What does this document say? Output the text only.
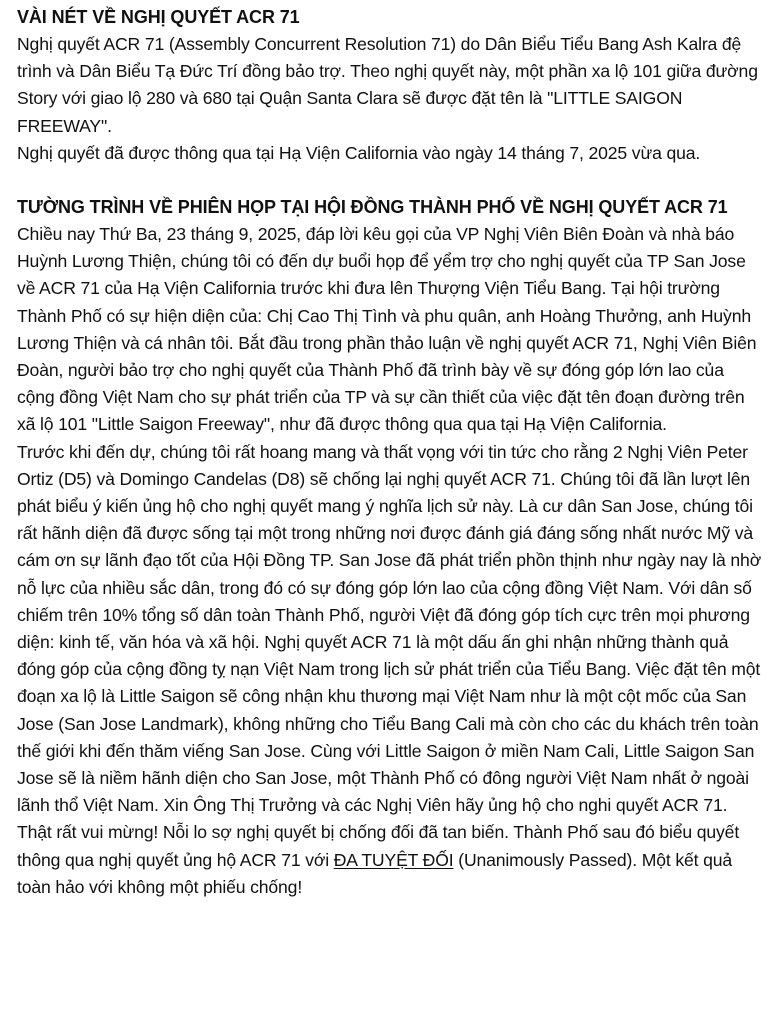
VÀI NÉT VỀ NGHỊ QUYẾT ACR 71

Nghị quyết ACR 71 (Assembly Concurrent Resolution 71) do Dân Biểu Tiểu Bang Ash Kalra đệ trình và Dân Biểu Tạ Đức Trí đồng bảo trợ. Theo nghị quyết này, một phần xa lộ 101 giữa đường Story với giao lộ 280 và 680 tại Quận Santa Clara sẽ được đặt tên là "LITTLE SAIGON FREEWAY".

Nghị quyết đã được thông qua tại Hạ Viện California vào ngày 14 tháng 7, 2025 vừa qua.

TƯỜNG TRÌNH VỀ PHIÊN HỌP TẠI HỘI ĐỒNG THÀNH PHỐ VỀ NGHỊ QUYẾT ACR 71

Chiều nay Thứ Ba, 23 tháng 9, 2025, đáp lời kêu gọi của VP Nghị Viên Biên Đoàn và nhà báo Huỳnh Lương Thiện, chúng tôi có đến dự buổi họp để yểm trợ cho nghị quyết của TP San Jose về ACR 71 của Hạ Viện California trước khi đưa lên Thượng Viện Tiểu Bang. Tại hội trường Thành Phố có sự hiện diện của: Chị Cao Thị Tình và phu quân, anh Hoàng Thưởng, anh Huỳnh Lương Thiện và cá nhân tôi. Bắt đầu trong phần thảo luận về nghị quyết ACR 71, Nghị Viên Biên Đoàn, người bảo trợ cho nghị quyết của Thành Phố đã trình bày về sự đóng góp lớn lao của cộng đồng Việt Nam cho sự phát triển của TP và sự cần thiết của việc đặt tên đoạn đường trên xã lộ 101 "Little Saigon Freeway", như đã được thông qua qua tại Hạ Viện California.

Trước khi đến dự, chúng tôi rất hoang mang và thất vọng với tin tức cho rằng 2 Nghị Viên Peter Ortiz (D5) và Domingo Candelas (D8) sẽ chống lại nghị quyết ACR 71. Chúng tôi đã lần lượt lên phát biểu ý kiến ủng hộ cho nghị quyết mang ý nghĩa lịch sử này. Là cư dân San Jose, chúng tôi rất hãnh diện đã được sống tại một trong những nơi được đánh giá đáng sống nhất nước Mỹ và cám ơn sự lãnh đạo tốt của Hội Đồng TP. San Jose đã phát triển phồn thịnh như ngày nay là nhờ nỗ lực của nhiều sắc dân, trong đó có sự đóng góp lớn lao của cộng đồng Việt Nam. Với dân số chiếm trên 10% tổng số dân toàn Thành Phố, người Việt đã đóng góp tích cực trên mọi phương diện: kinh tế, văn hóa và xã hội. Nghị quyết ACR 71 là một dấu ấn ghi nhận những thành quả đóng góp của cộng đồng tỵ nạn Việt Nam trong lịch sử phát triển của Tiểu Bang. Việc đặt tên một đoạn xa lộ là Little Saigon sẽ công nhận khu thương mại Việt Nam như là một cột mốc của San Jose (San Jose Landmark), không những cho Tiểu Bang Cali mà còn cho các du khách trên toàn thế giới khi đến thăm viếng San Jose. Cùng với Little Saigon ở miền Nam Cali, Little Saigon San Jose sẽ là niềm hãnh diện cho San Jose, một Thành Phố có đông người Việt Nam nhất ở ngoài lãnh thổ Việt Nam. Xin Ông Thị Trưởng và các Nghị Viên hãy ủng hộ cho nghi quyết ACR 71.

Thật rất vui mừng! Nỗi lo sợ nghị quyết bị chống đối đã tan biến. Thành Phố sau đó biểu quyết thông qua nghị quyết ủng hộ ACR 71 với ĐA TUYỆT ĐỐI (Unanimously Passed). Một kết quả toàn hảo với không một phiếu chống!
